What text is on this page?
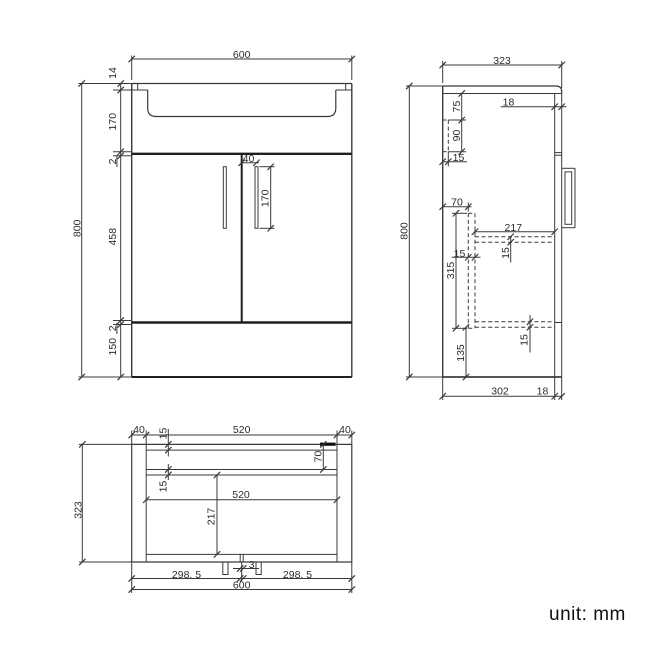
600
800
14
170
2
458
2
150
40
170
323
800
18
75
90
15
70
315
15
217
15
15
135
302	18
40 15	520	40
323
70
15
520
217
3
298. 5	298. 5
600
unit: mm
